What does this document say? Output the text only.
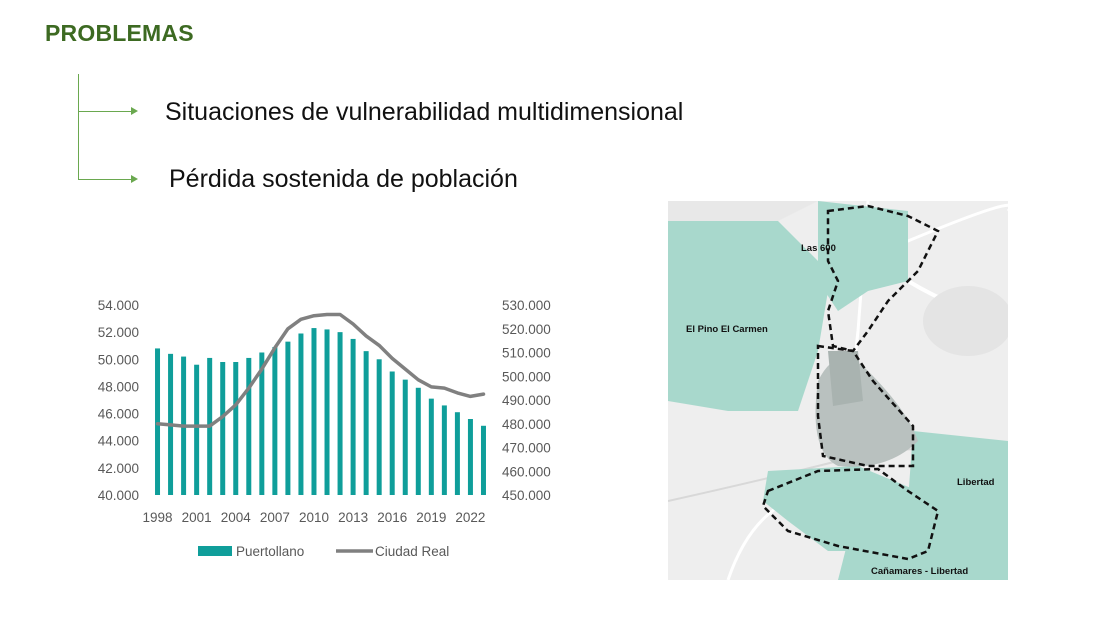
PROBLEMAS
Situaciones de vulnerabilidad multidimensional
Pérdida sostenida de población
40.000
42.000
44.000
46.000
48.000
50.000
52.000
54.000
450.000
460.000
470.000
480.000
490.000
500.000
510.000
520.000
530.000
1998 2001 2004 2007 2010 2013 2016 2019 2022
Puertollano	Ciudad Real
Las 600
El Pino El Carmen
Libertad
Cañamares - Libertad
